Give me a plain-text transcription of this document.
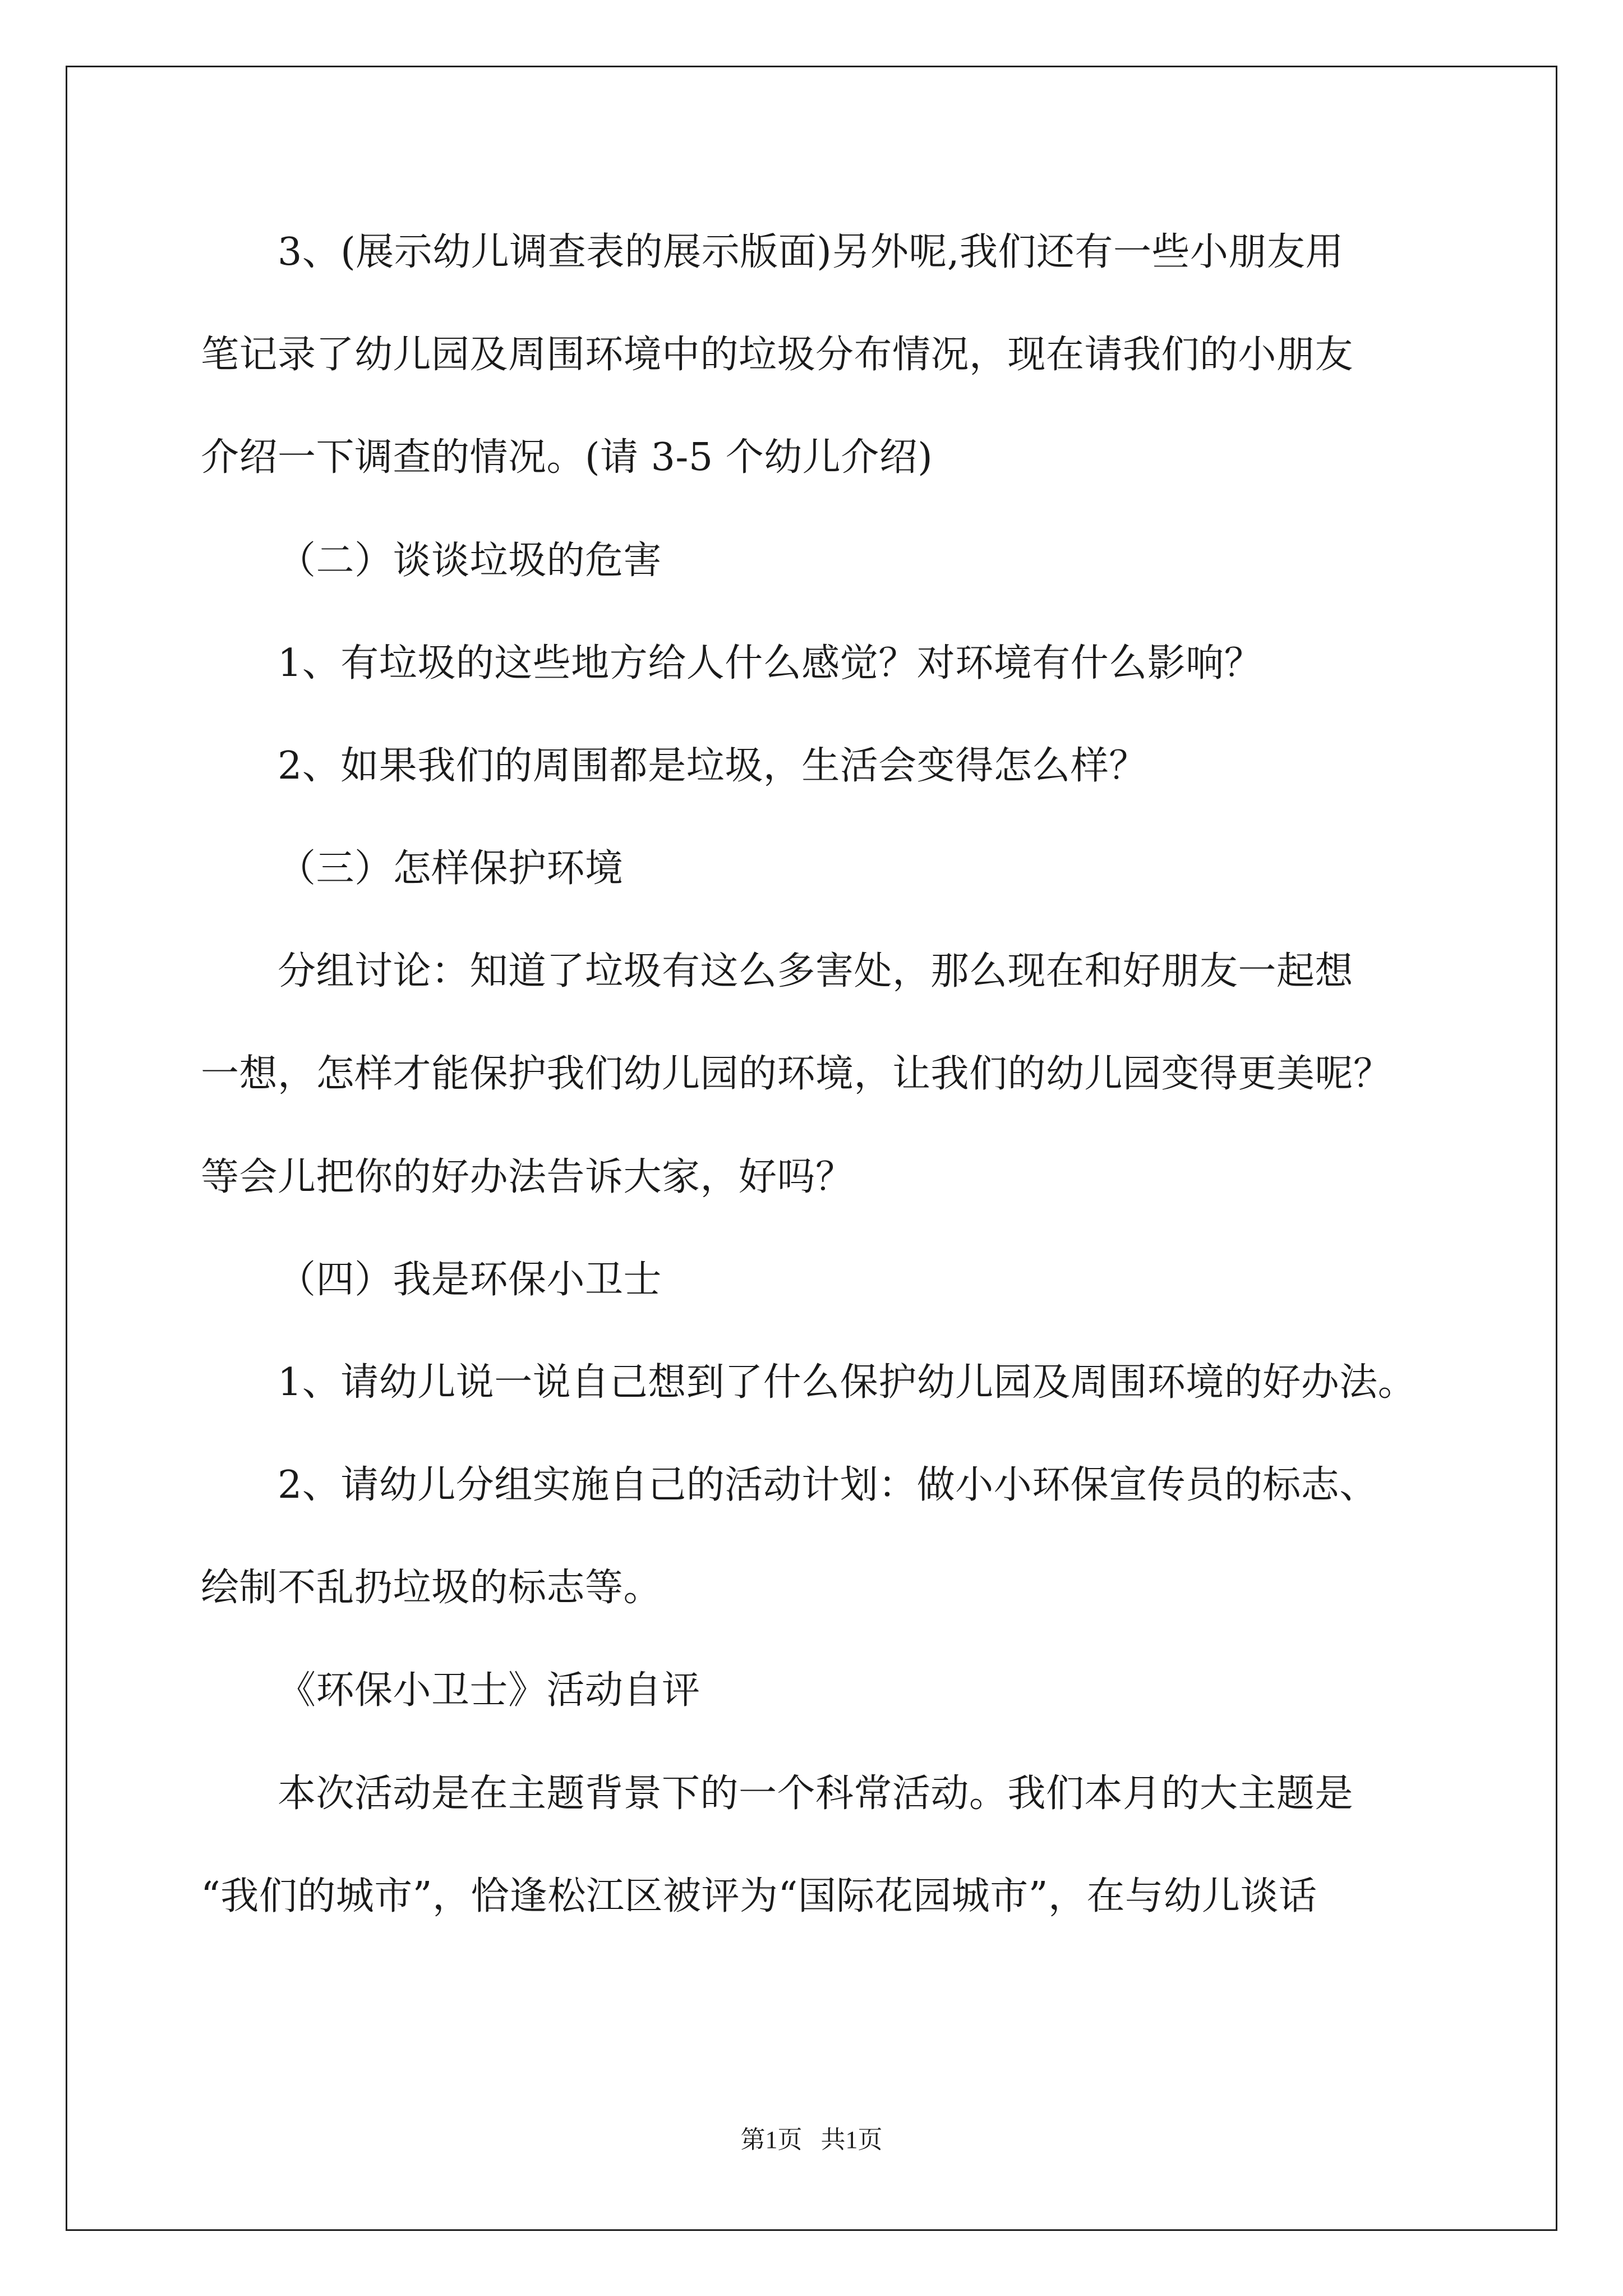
3、(展示幼儿调查表的展示版面)另外呢,我们还有一些小朋友用
笔记录了幼儿园及周围环境中的垃圾分布情况，现在请我们的小朋友
介绍一下调查的情况。(请 3-5 个幼儿介绍)
（二）谈谈垃圾的危害
1、有垃圾的这些地方给人什么感觉？对环境有什么影响？
2、如果我们的周围都是垃圾，生活会变得怎么样？
（三）怎样保护环境
分组讨论：知道了垃圾有这么多害处，那么现在和好朋友一起想
一想，怎样才能保护我们幼儿园的环境，让我们的幼儿园变得更美呢？
等会儿把你的好办法告诉大家，好吗？
（四）我是环保小卫士
1、请幼儿说一说自己想到了什么保护幼儿园及周围环境的好办法。
2、请幼儿分组实施自己的活动计划：做小小环保宣传员的标志、
绘制不乱扔垃圾的标志等。
《环保小卫士》活动自评
本次活动是在主题背景下的一个科常活动。我们本月的大主题是
“我们的城市”，恰逢松江区被评为“国际花园城市”，在与幼儿谈话
第1页   共1页
